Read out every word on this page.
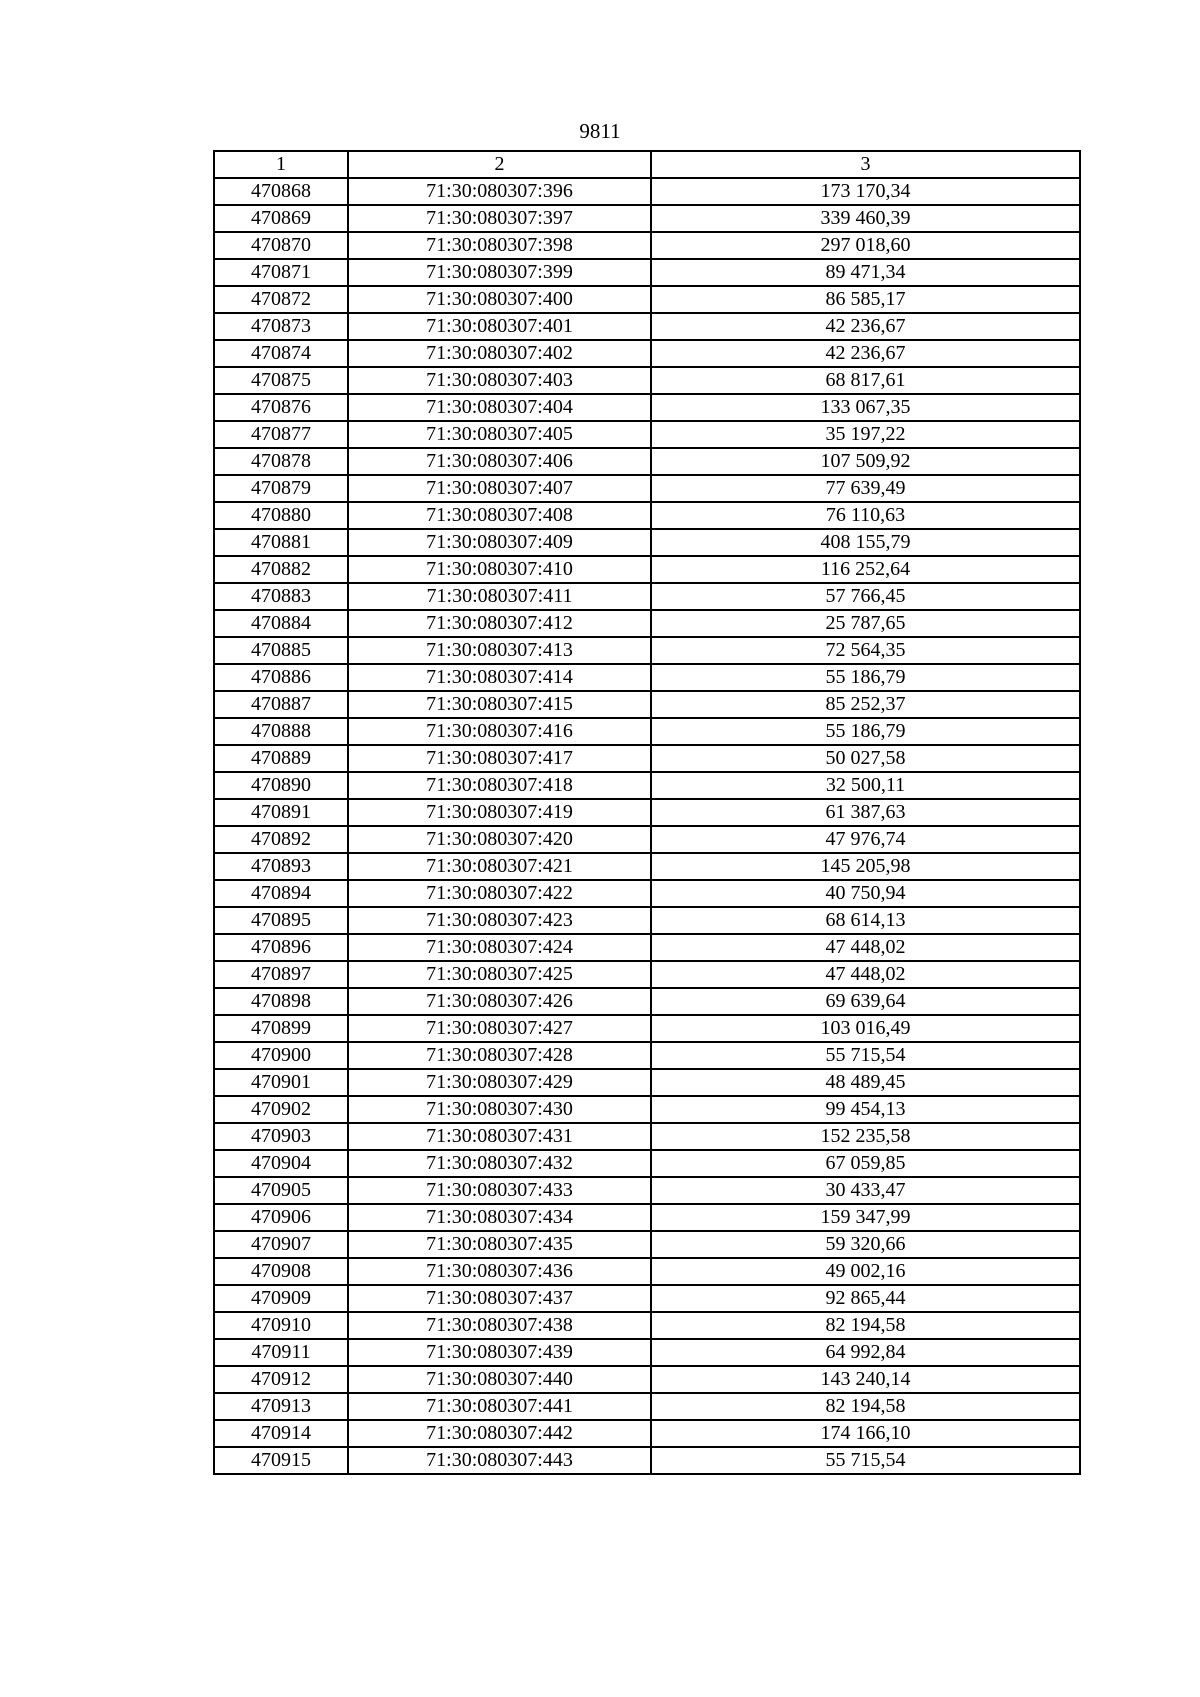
9811
1	2	3
470868	71:30:080307:396	173 170,34
470869	71:30:080307:397	339 460,39
470870	71:30:080307:398	297 018,60
470871	71:30:080307:399	89 471,34
470872	71:30:080307:400	86 585,17
470873	71:30:080307:401	42 236,67
470874	71:30:080307:402	42 236,67
470875	71:30:080307:403	68 817,61
470876	71:30:080307:404	133 067,35
470877	71:30:080307:405	35 197,22
470878	71:30:080307:406	107 509,92
470879	71:30:080307:407	77 639,49
470880	71:30:080307:408	76 110,63
470881	71:30:080307:409	408 155,79
470882	71:30:080307:410	116 252,64
470883	71:30:080307:411	57 766,45
470884	71:30:080307:412	25 787,65
470885	71:30:080307:413	72 564,35
470886	71:30:080307:414	55 186,79
470887	71:30:080307:415	85 252,37
470888	71:30:080307:416	55 186,79
470889	71:30:080307:417	50 027,58
470890	71:30:080307:418	32 500,11
470891	71:30:080307:419	61 387,63
470892	71:30:080307:420	47 976,74
470893	71:30:080307:421	145 205,98
470894	71:30:080307:422	40 750,94
470895	71:30:080307:423	68 614,13
470896	71:30:080307:424	47 448,02
470897	71:30:080307:425	47 448,02
470898	71:30:080307:426	69 639,64
470899	71:30:080307:427	103 016,49
470900	71:30:080307:428	55 715,54
470901	71:30:080307:429	48 489,45
470902	71:30:080307:430	99 454,13
470903	71:30:080307:431	152 235,58
470904	71:30:080307:432	67 059,85
470905	71:30:080307:433	30 433,47
470906	71:30:080307:434	159 347,99
470907	71:30:080307:435	59 320,66
470908	71:30:080307:436	49 002,16
470909	71:30:080307:437	92 865,44
470910	71:30:080307:438	82 194,58
470911	71:30:080307:439	64 992,84
470912	71:30:080307:440	143 240,14
470913	71:30:080307:441	82 194,58
470914	71:30:080307:442	174 166,10
470915	71:30:080307:443	55 715,54
